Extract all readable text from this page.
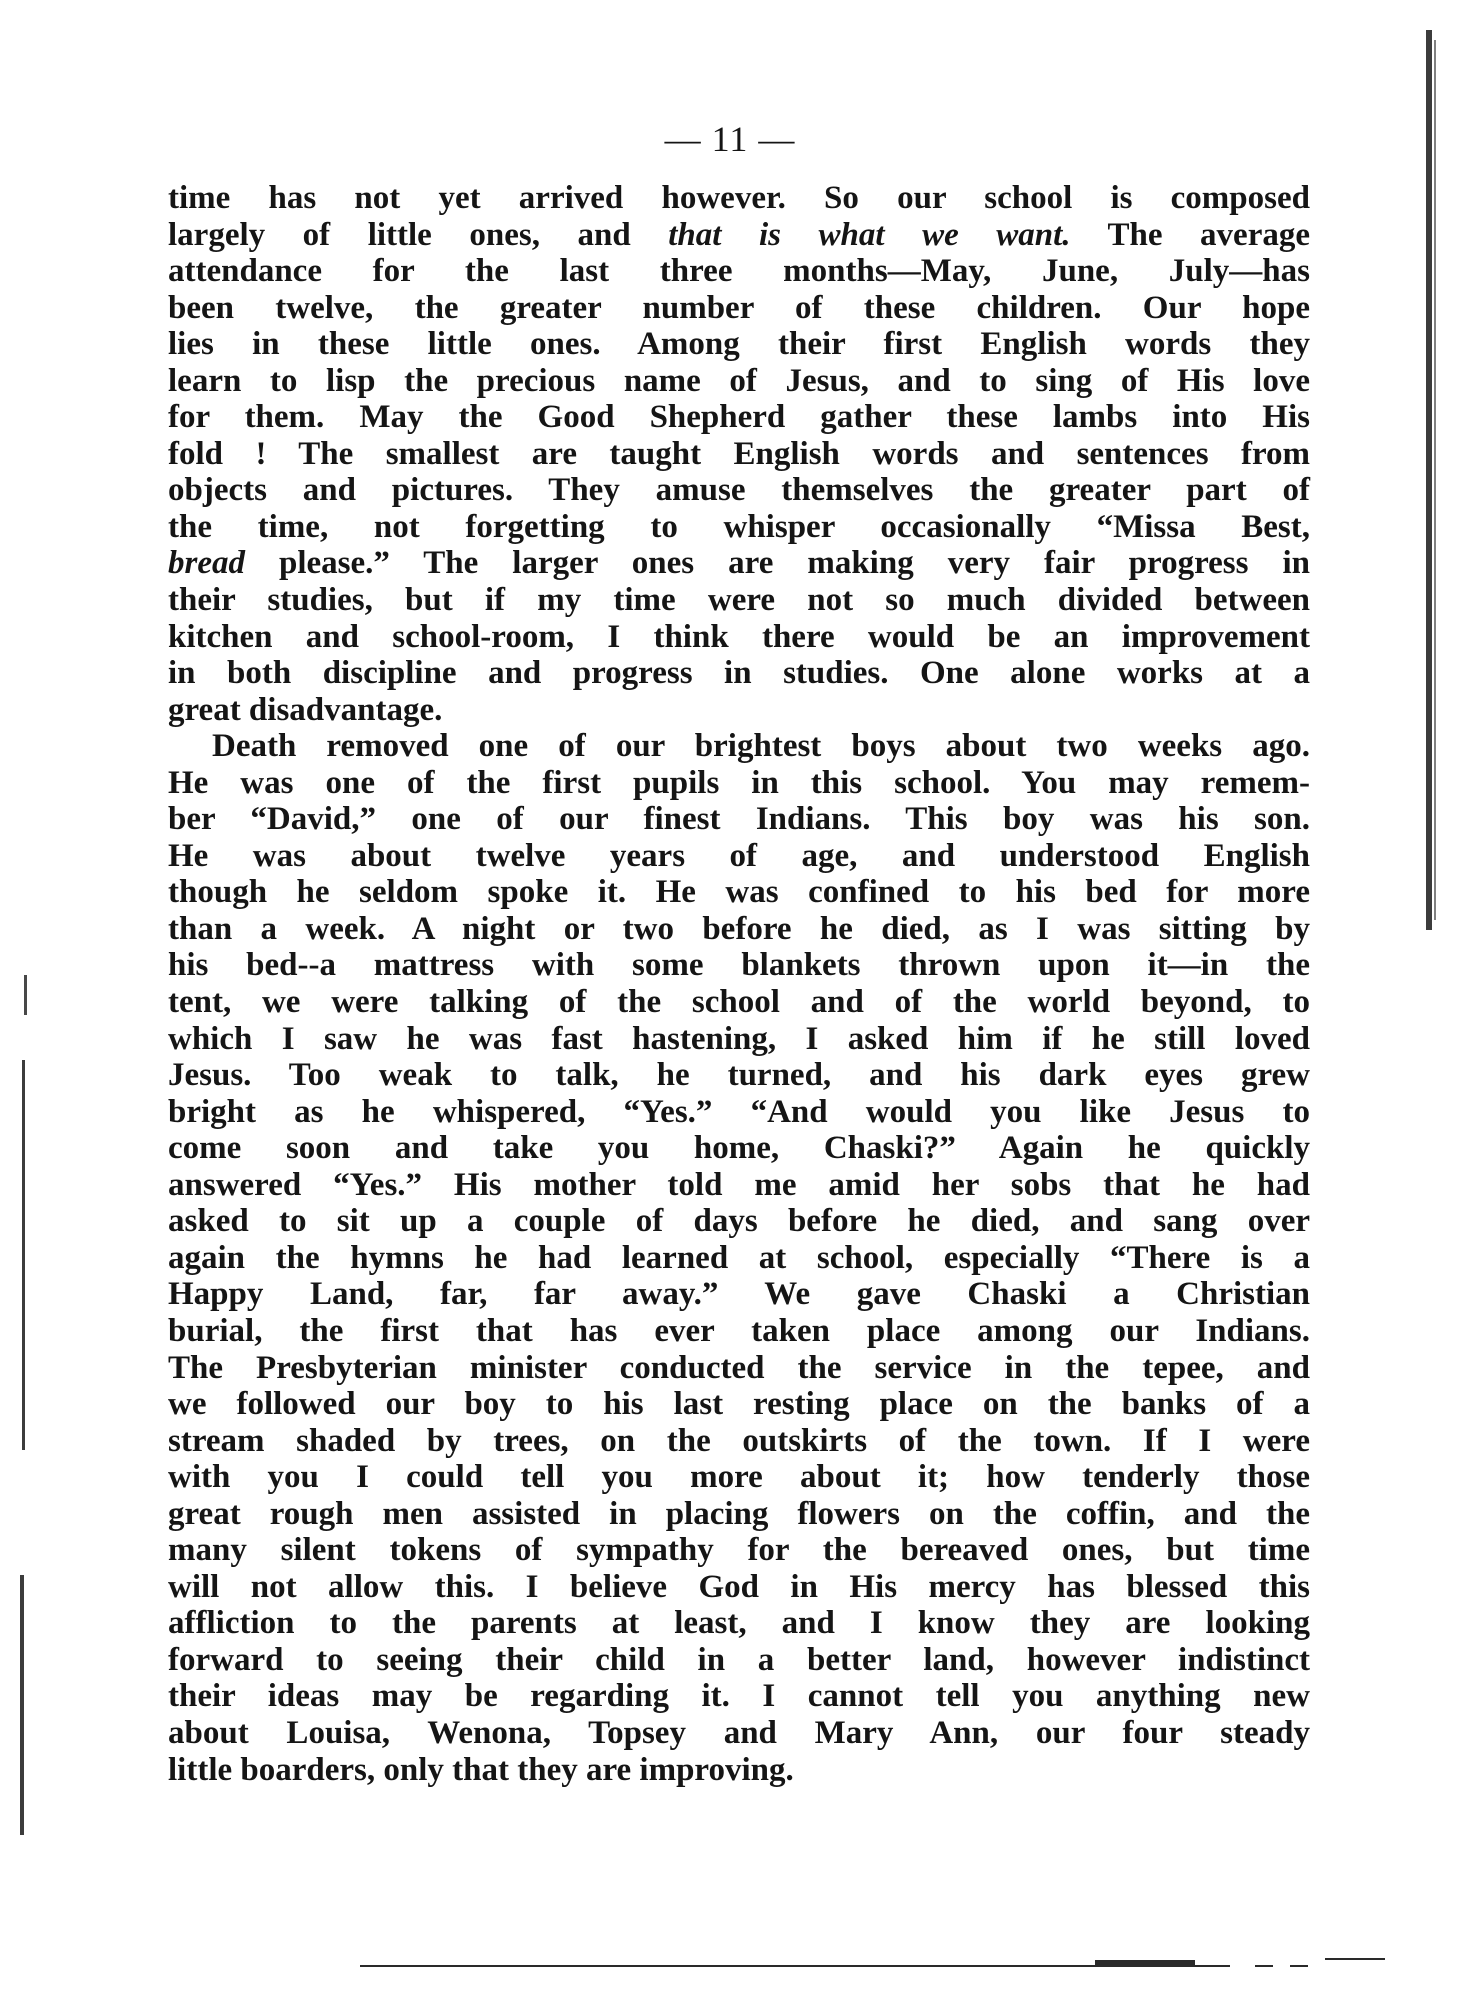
— 11 —
time has not yet arrived however. So our school is composed
largely of little ones, and that is what we want. The average
attendance for the last three months—May, June, July—has
been twelve, the greater number of these children. Our hope
lies in these little ones. Among their first English words they
learn to lisp the precious name of Jesus, and to sing of His love
for them. May the Good Shepherd gather these lambs into His
fold ! The smallest are taught English words and sentences from
objects and pictures. They amuse themselves the greater part of
the time, not forgetting to whisper occasionally “Missa Best,
bread please.” The larger ones are making very fair progress in
their studies, but if my time were not so much divided between
kitchen and school-room, I think there would be an improvement
in both discipline and progress in studies. One alone works at a
great disadvantage.
Death removed one of our brightest boys about two weeks ago.
He was one of the first pupils in this school. You may remem-
ber “David,” one of our finest Indians. This boy was his son.
He was about twelve years of age, and understood English
though he seldom spoke it. He was confined to his bed for more
than a week. A night or two before he died, as I was sitting by
his bed--a mattress with some blankets thrown upon it—in the
tent, we were talking of the school and of the world beyond, to
which I saw he was fast hastening, I asked him if he still loved
Jesus. Too weak to talk, he turned, and his dark eyes grew
bright as he whispered, “Yes.” “And would you like Jesus to
come soon and take you home, Chaski?” Again he quickly
answered “Yes.” His mother told me amid her sobs that he had
asked to sit up a couple of days before he died, and sang over
again the hymns he had learned at school, especially “There is a
Happy Land, far, far away.” We gave Chaski a Christian
burial, the first that has ever taken place among our Indians.
The Presbyterian minister conducted the service in the tepee, and
we followed our boy to his last resting place on the banks of a
stream shaded by trees, on the outskirts of the town. If I were
with you I could tell you more about it; how tenderly those
great rough men assisted in placing flowers on the coffin, and the
many silent tokens of sympathy for the bereaved ones, but time
will not allow this. I believe God in His mercy has blessed this
affliction to the parents at least, and I know they are looking
forward to seeing their child in a better land, however indistinct
their ideas may be regarding it. I cannot tell you anything new
about Louisa, Wenona, Topsey and Mary Ann, our four steady
little boarders, only that they are improving.
